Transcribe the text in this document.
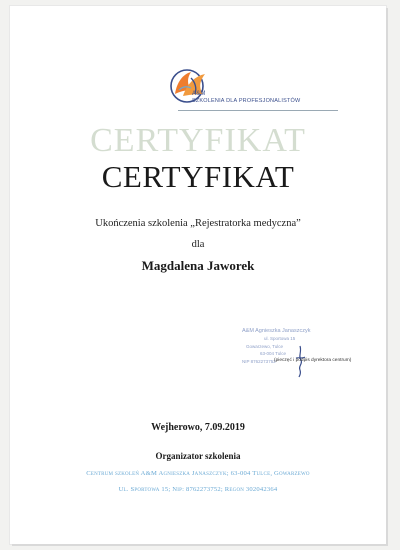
A&M
SZKOLENIA DLA PROFESJONALISTÓW
CERTYFIKAT
CERTYFIKAT
Ukończenia szkolenia „Rejestratorka medyczna”
dla
Magdalena Jaworek
A&M Agnieszka Janaszczyk
ul. Sportowa 15
Gowarzewo, Tulce
63-004 Tulce
NIP 8762273752
(pieczęć i podpis dyrektora centrum)
Wejherowo, 7.09.2019
Organizator szkolenia
Centrum szkoleń A&M Agnieszka Janaszczyk; 63-004 Tulce, Gowarzewo
Ul. Sportowa 15; Nip: 8762273752; Regon 302042364
